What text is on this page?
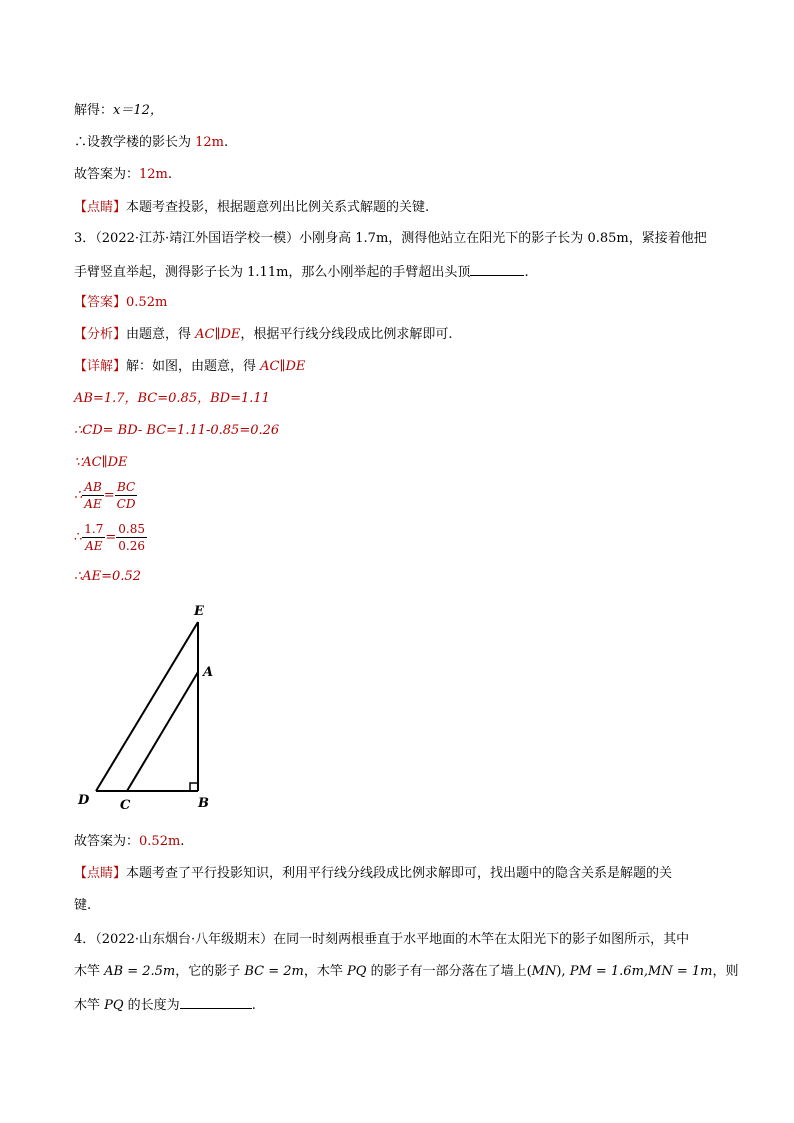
解得：x＝12，
∴设教学楼的影长为 12m.
故答案为：12m.
【点睛】本题考查投影，根据题意列出比例关系式解题的关键.
3．（2022·江苏·靖江外国语学校一模）小刚身高 1.7m，测得他站立在阳光下的影子长为 0.85m，紧接着他把
手臂竖直举起，测得影子长为 1.11m，那么小刚举起的手臂超出头顶	.
【答案】0.52m
【分析】由题意，得 AC∥DE，根据平行线分线段成比例求解即可.
【详解】解：如图，由题意，得 AC∥DE
AB=1.7，BC=0.85，BD=1.11
∴CD= BD- BC=1.11-0.85=0.26
∵AC∥DE
∴ $\frac{AB}{AE} = \frac{BC}{CD}$
∴ $\frac{1.7}{AE} = \frac{0.85}{0.26}$
∴AE=0.52
E
A
D C	B
故答案为：0.52m.
【点睛】本题考查了平行投影知识，利用平行线分线段成比例求解即可，找出题中的隐含关系是解题的关
键.
4．（2022·山东烟台·八年级期末）在同一时刻两根垂直于水平地面的木竿在太阳光下的影子如图所示，其中
木竿 AB = 2.5m，它的影子 BC = 2m，木竿 PQ 的影子有一部分落在了墙上(MN), PM = 1.6m,MN = 1m，则
木竿 PQ 的长度为	.
